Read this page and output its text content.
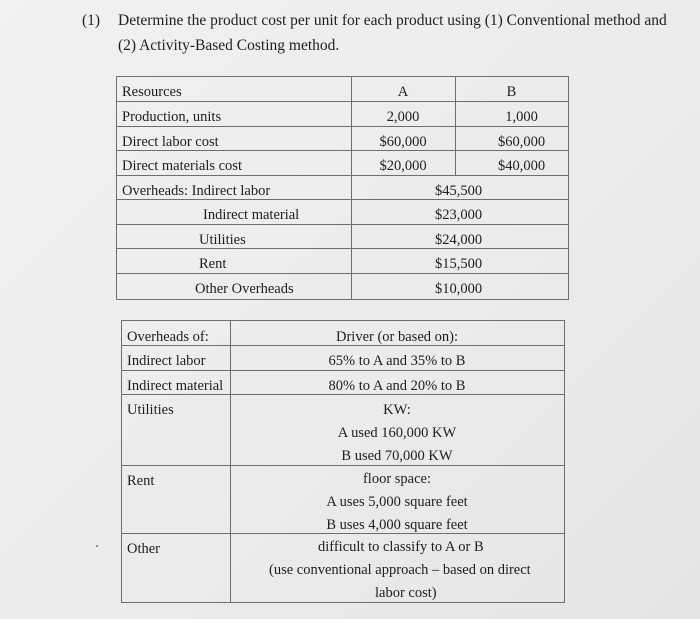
(1) Determine the product cost per unit for each product using (1) Conventional method and
(2) Activity-Based Costing method.
Resources	A	B
Production, units	2,000	1,000
Direct labor cost	$60,000	$60,000
Direct materials cost	$20,000	$40,000
Overheads: Indirect labor	$45,500
Indirect material	$23,000
Utilities	$24,000
Rent	$15,500
Other Overheads	$10,000
Overheads of:	Driver (or based on):
Indirect labor	65% to A and 35% to B
Indirect material	80% to A and 20% to B
Utilities	KW:
A used 160,000 KW
B used 70,000 KW
Rent	floor space:
A uses 5,000 square feet
B uses 4,000 square feet
Other	difficult to classify to A or B
(use conventional approach – based on direct
labor cost)
